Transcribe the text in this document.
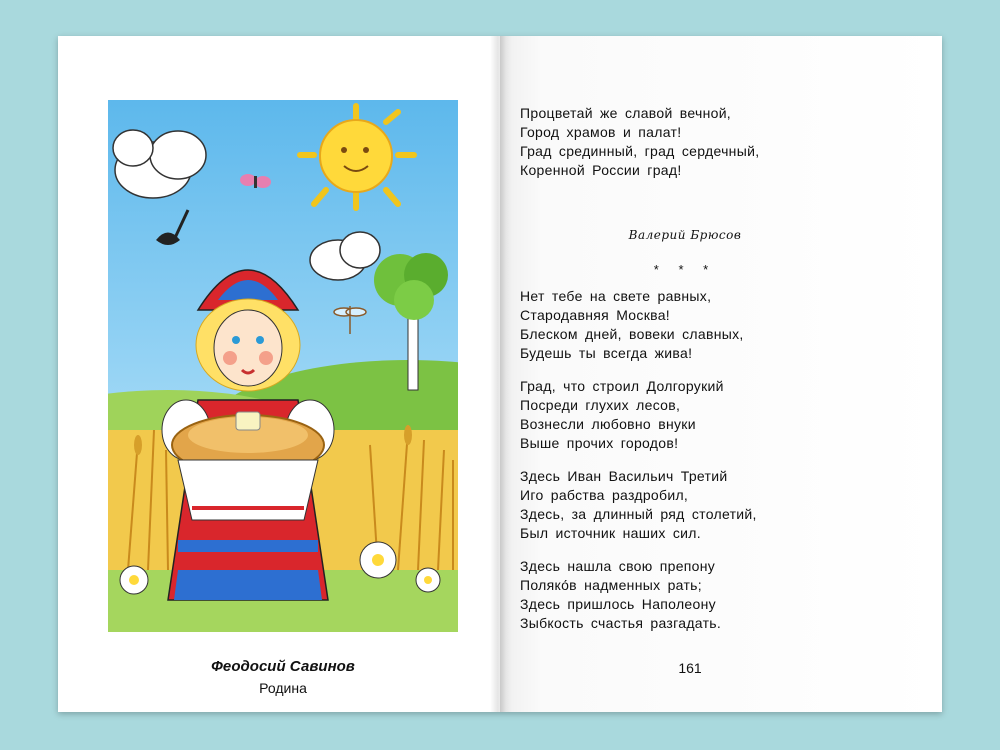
Феодосий Савинов
Родина
Процветай же славой вечной,
Город храмов и палат!
Град срединный, град сердечный,
Коренной России град!
Валерий Брюсов
* * *
Нет тебе на свете равных,
Стародавняя Москва!
Блеском дней, вовеки славных,
Будешь ты всегда жива!
Град, что строил Долгорукий
Посреди глухих лесов,
Вознесли любовно внуки
Выше прочих городов!
Здесь Иван Васильич Третий
Иго рабства раздробил,
Здесь, за длинный ряд столетий,
Был источник наших сил.
Здесь нашла свою препону
Поляко́в надменных рать;
Здесь пришлось Наполеону
Зыбкость счастья разгадать.
161
